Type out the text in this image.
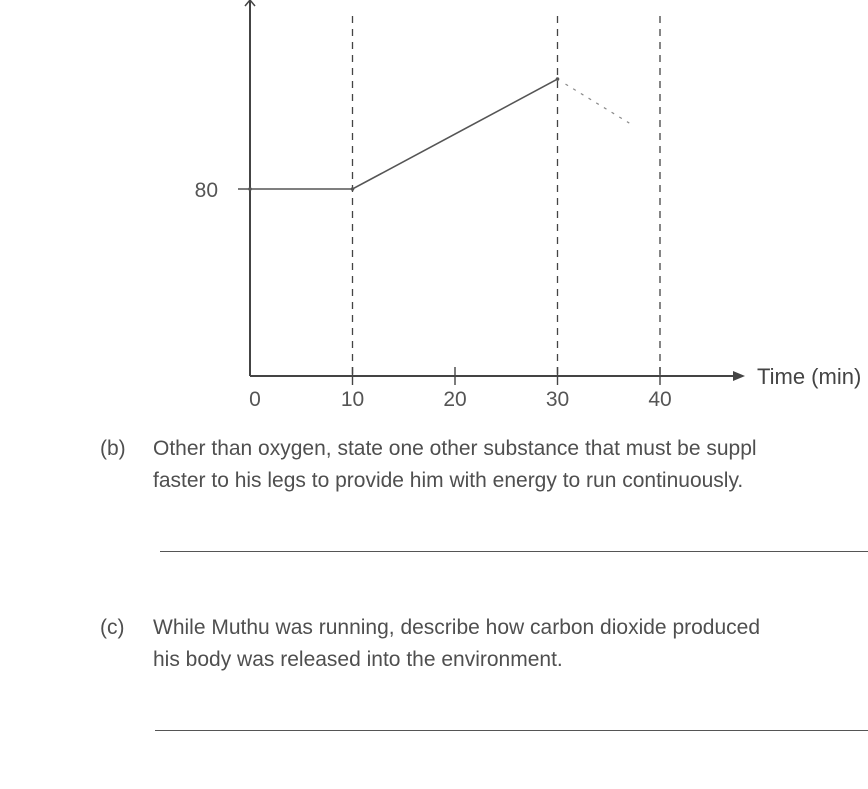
Time (min)
0	10	20	30	40
80
(b) Other than oxygen, state one other substance that must be suppl
faster to his legs to provide him with energy to run continuously.
(c) While Muthu was running, describe how carbon dioxide produced
his body was released into the environment.
